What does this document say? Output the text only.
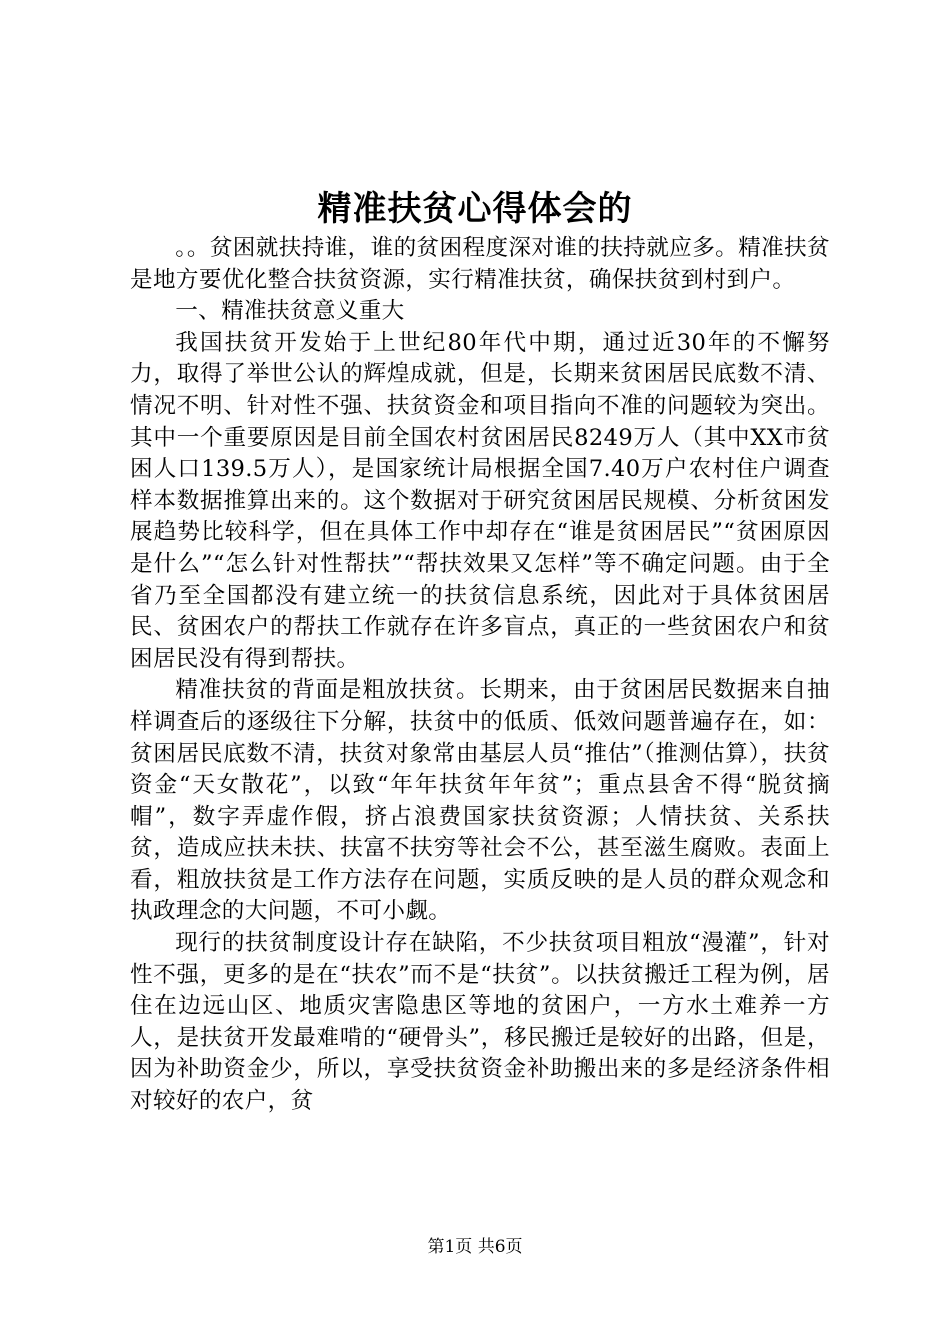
精准扶贫心得体会的

。。贫困就扶持谁，谁的贫困程度深对谁的扶持就应多。精准扶贫是地方要优化整合扶贫资源，实行精准扶贫，确保扶贫到村到户。

一、精准扶贫意义重大

我国扶贫开发始于上世纪80年代中期，通过近30年的不懈努力，取得了举世公认的辉煌成就，但是，长期来贫困居民底数不清、情况不明、针对性不强、扶贫资金和项目指向不准的问题较为突出。其中一个重要原因是目前全国农村贫困居民8249万人（其中XX市贫困人口139.5万人），是国家统计局根据全国7.40万户农村住户调查样本数据推算出来的。这个数据对于研究贫困居民规模、分析贫困发展趋势比较科学，但在具体工作中却存在“谁是贫困居民”“贫困原因是什么”“怎么针对性帮扶”“帮扶效果又怎样”等不确定问题。由于全省乃至全国都没有建立统一的扶贫信息系统，因此对于具体贫困居民、贫困农户的帮扶工作就存在许多盲点，真正的一些贫困农户和贫困居民没有得到帮扶。

精准扶贫的背面是粗放扶贫。长期来，由于贫困居民数据来自抽样调查后的逐级往下分解，扶贫中的低质、低效问题普遍存在，如：贫困居民底数不清，扶贫对象常由基层人员“推估”（推测估算），扶贫资金“天女散花”，以致“年年扶贫年年贫”；重点县舍不得“脱贫摘帽”，数字弄虚作假，挤占浪费国家扶贫资源；人情扶贫、关系扶贫，造成应扶未扶、扶富不扶穷等社会不公，甚至滋生腐败。表面上看，粗放扶贫是工作方法存在问题，实质反映的是人员的群众观念和执政理念的大问题，不可小觑。

现行的扶贫制度设计存在缺陷，不少扶贫项目粗放“漫灌”，针对性不强，更多的是在“扶农”而不是“扶贫”。以扶贫搬迁工程为例，居住在边远山区、地质灾害隐患区等地的贫困户，一方水土难养一方人，是扶贫开发最难啃的“硬骨头”，移民搬迁是较好的出路，但是，因为补助资金少，所以，享受扶贫资金补助搬出来的多是经济条件相对较好的农户，贫

第1页 共6页
